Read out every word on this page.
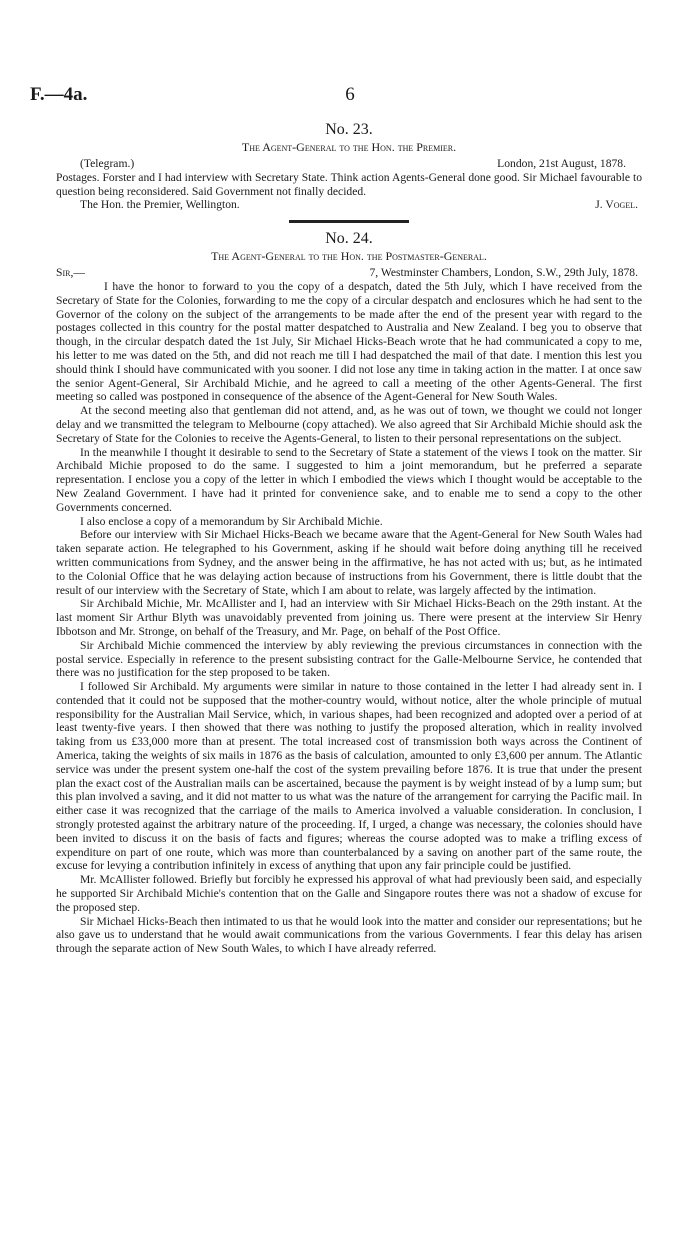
F.—4a.	6

No. 23.

The Agent-General to the Hon. the Premier.

(Telegram.)	London, 21st August, 1878.

Postages. Forster and I had interview with Secretary State. Think action Agents-General done good. Sir Michael favourable to question being reconsidered. Said Government not finally decided.

The Hon. the Premier, Wellington.	J. Vogel.

No. 24.

The Agent-General to the Hon. the Postmaster-General.

Sir,—	7, Westminster Chambers, London, S.W., 29th July, 1878.

I have the honor to forward to you the copy of a despatch, dated the 5th July, which I have received from the Secretary of State for the Colonies, forwarding to me the copy of a circular despatch and enclosures which he had sent to the Governor of the colony on the subject of the arrangements to be made after the end of the present year with regard to the postages collected in this country for the postal matter despatched to Australia and New Zealand. I beg you to observe that though, in the circular despatch dated the 1st July, Sir Michael Hicks-Beach wrote that he had communicated a copy to me, his letter to me was dated on the 5th, and did not reach me till I had despatched the mail of that date. I mention this lest you should think I should have communicated with you sooner. I did not lose any time in taking action in the matter. I at once saw the senior Agent-General, Sir Archibald Michie, and he agreed to call a meeting of the other Agents-General. The first meeting so called was postponed in consequence of the absence of the Agent-General for New South Wales.

At the second meeting also that gentleman did not attend, and, as he was out of town, we thought we could not longer delay and we transmitted the telegram to Melbourne (copy attached). We also agreed that Sir Archibald Michie should ask the Secretary of State for the Colonies to receive the Agents-General, to listen to their personal representations on the subject.

In the meanwhile I thought it desirable to send to the Secretary of State a statement of the views I took on the matter. Sir Archibald Michie proposed to do the same. I suggested to him a joint memorandum, but he preferred a separate representation. I enclose you a copy of the letter in which I embodied the views which I thought would be acceptable to the New Zealand Government. I have had it printed for convenience sake, and to enable me to send a copy to the other Governments concerned.

I also enclose a copy of a memorandum by Sir Archibald Michie.

Before our interview with Sir Michael Hicks-Beach we became aware that the Agent-General for New South Wales had taken separate action. He telegraphed to his Government, asking if he should wait before doing anything till he received written communications from Sydney, and the answer being in the affirmative, he has not acted with us; but, as he intimated to the Colonial Office that he was delaying action because of instructions from his Government, there is little doubt that the result of our interview with the Secretary of State, which I am about to relate, was largely affected by the intimation.

Sir Archibald Michie, Mr. McAllister and I, had an interview with Sir Michael Hicks-Beach on the 29th instant. At the last moment Sir Arthur Blyth was unavoidably prevented from joining us. There were present at the interview Sir Henry Ibbotson and Mr. Stronge, on behalf of the Treasury, and Mr. Page, on behalf of the Post Office.

Sir Archibald Michie commenced the interview by ably reviewing the previous circumstances in connection with the postal service. Especially in reference to the present subsisting contract for the Galle-Melbourne Service, he contended that there was no justification for the step proposed to be taken.

I followed Sir Archibald. My arguments were similar in nature to those contained in the letter I had already sent in. I contended that it could not be supposed that the mother-country would, without notice, alter the whole principle of mutual responsibility for the Australian Mail Service, which, in various shapes, had been recognized and adopted over a period of at least twenty-five years. I then showed that there was nothing to justify the proposed alteration, which in reality involved taking from us £33,000 more than at present. The total increased cost of transmission both ways across the Continent of America, taking the weights of six mails in 1876 as the basis of calculation, amounted to only £3,600 per annum. The Atlantic service was under the present system one-half the cost of the system prevailing before 1876. It is true that under the present plan the exact cost of the Australian mails can be ascertained, because the payment is by weight instead of by a lump sum; but this plan involved a saving, and it did not matter to us what was the nature of the arrangement for carrying the Pacific mail. In either case it was recognized that the carriage of the mails to America involved a valuable consideration. In conclusion, I strongly protested against the arbitrary nature of the proceeding. If, I urged, a change was necessary, the colonies should have been invited to discuss it on the basis of facts and figures; whereas the course adopted was to make a trifling excess of expenditure on part of one route, which was more than counterbalanced by a saving on another part of the same route, the excuse for levying a contribution infinitely in excess of anything that upon any fair principle could be justified.

Mr. McAllister followed. Briefly but forcibly he expressed his approval of what had previously been said, and especially he supported Sir Archibald Michie's contention that on the Galle and Singapore routes there was not a shadow of excuse for the proposed step.

Sir Michael Hicks-Beach then intimated to us that he would look into the matter and consider our representations; but he also gave us to understand that he would await communications from the various Governments. I fear this delay has arisen through the separate action of New South Wales, to which I have already referred.
